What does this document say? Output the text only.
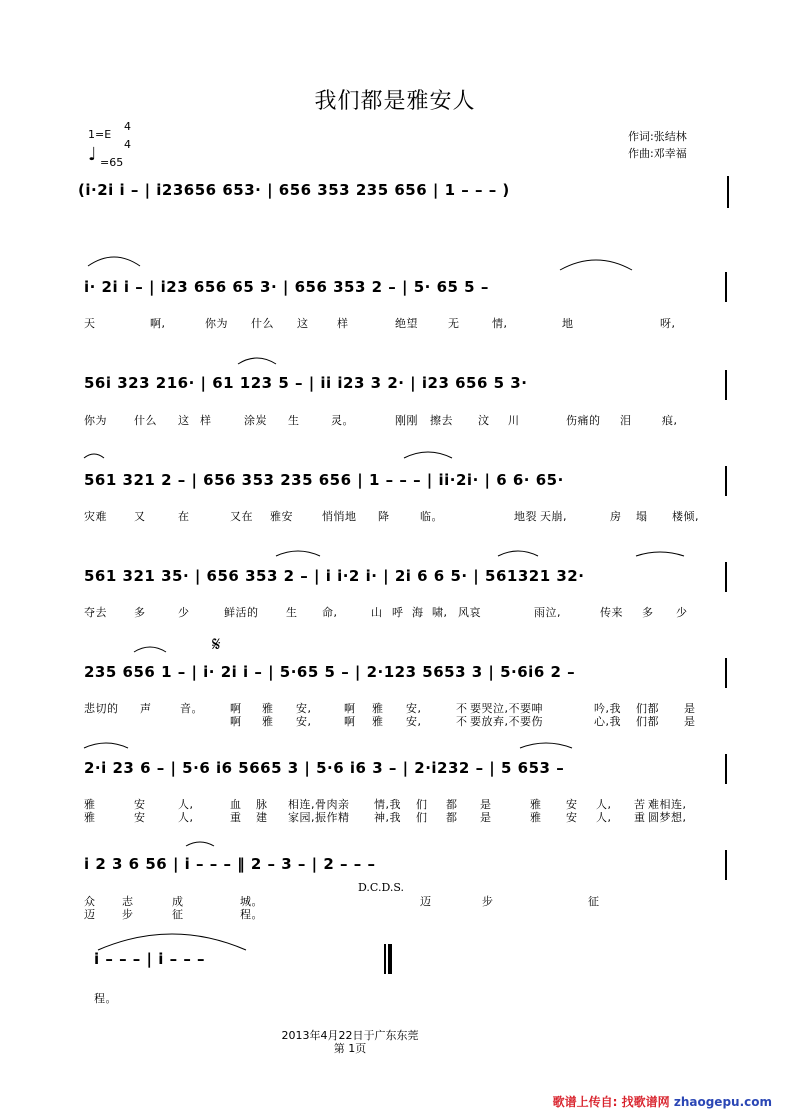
我们都是雅安人
1=E
4
4
♩ =65
作词:张结林
作曲:邓幸福
(i·2i i – | i23656 653· | 656 353 235 656 | 1 – – – )
i· 2i i – | i23 656 65 3· | 656 353 2 – | 5· 65 5 –
天	啊,	你为 什么 这	样	绝望	无	情,	地	呀,
56i 323 216· | 61 123 5 – | ii i23 3 2· | i23 656 5 3·
你为 什么 这 样	涂炭 生	灵。	刚刚 擦去 汶 川	伤痛的 泪	痕,
561 321 2 – | 656 353 235 656 | 1 – – – | ii·2i· | 6 6· 65·
灾难 又	在	又在 雅安	悄悄地 降	临。	地裂 天崩,	房 塌 楼倾,
561 321 35· | 656 353 2 – | i i·2 i· | 2i 6 6 5· | 561321 32·
夺去 多	少	鲜活的	生 命,	山 呼 海 啸, 风哀	雨泣,	传来 多 少
𝄋
235 656 1 – | i· 2i i – | 5·65 5 – | 2·123 5653 3 | 5·6i6 2 –
悲切的 声	音。 啊 雅 安,	啊 雅 安,	不 要哭泣,不要呻	吟,我 们都 是
啊 雅 安,	啊 雅 安,	不 要放弃,不要伤	心,我 们都 是
2·i 23 6 – | 5·6 i6 5665 3 | 5·6 i6 3 – | 2·i232 – | 5 653 –
雅	安	人,	血 脉 相连,骨肉亲 情,我 们 都 是	雅 安 人, 苦 难相连,
雅	安	人,	重 建 家园,振作精 神,我 们 都 是	雅 安 人, 重 圆梦想,
i 2 3 6 56 | i – – – ‖ 2 – 3 – | 2 – – –
D.C.D.S.
众 志	成	城。	迈	步	征
迈 步	征	程。
i – – – | i – – –
程。
2013年4月22日于广东东莞
第 1页
歌谱上传自: 找歌谱网 zhaogepu.com
